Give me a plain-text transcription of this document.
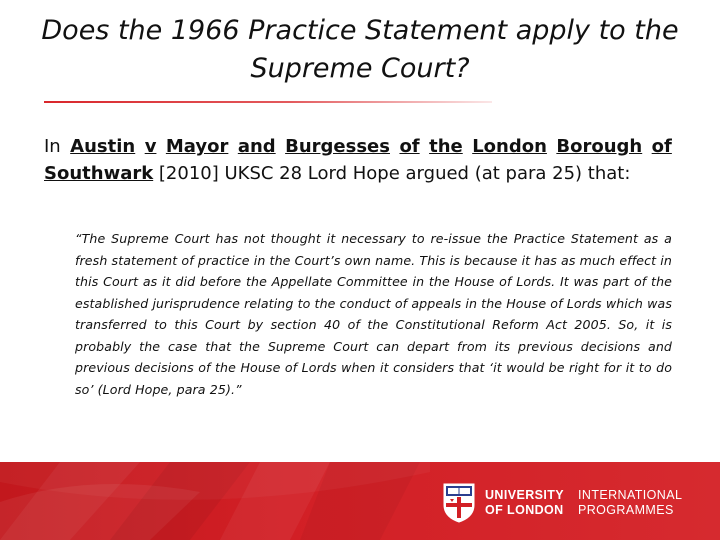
Does the 1966 Practice Statement apply to the Supreme Court?
In Austin v Mayor and Burgesses of the London Borough of
Southwark [2010] UKSC 28 Lord Hope argued (at para 25) that:
“The Supreme Court has not thought it necessary to re-issue the Practice Statement as a fresh statement of practice in the Court’s own name. This is because it has as much effect in this Court as it did before the Appellate Committee in the House of Lords. It was part of the established jurisprudence relating to the conduct of appeals in the House of Lords which was transferred to this Court by section 40 of the Constitutional Reform Act 2005. So, it is probably the case that the Supreme Court can depart from its previous decisions and previous decisions of the House of Lords when it considers that ‘it would be right for it to do so’ (Lord Hope, para 25).”
UNIVERSITY
OF LONDON
INTERNATIONAL
PROGRAMMES
